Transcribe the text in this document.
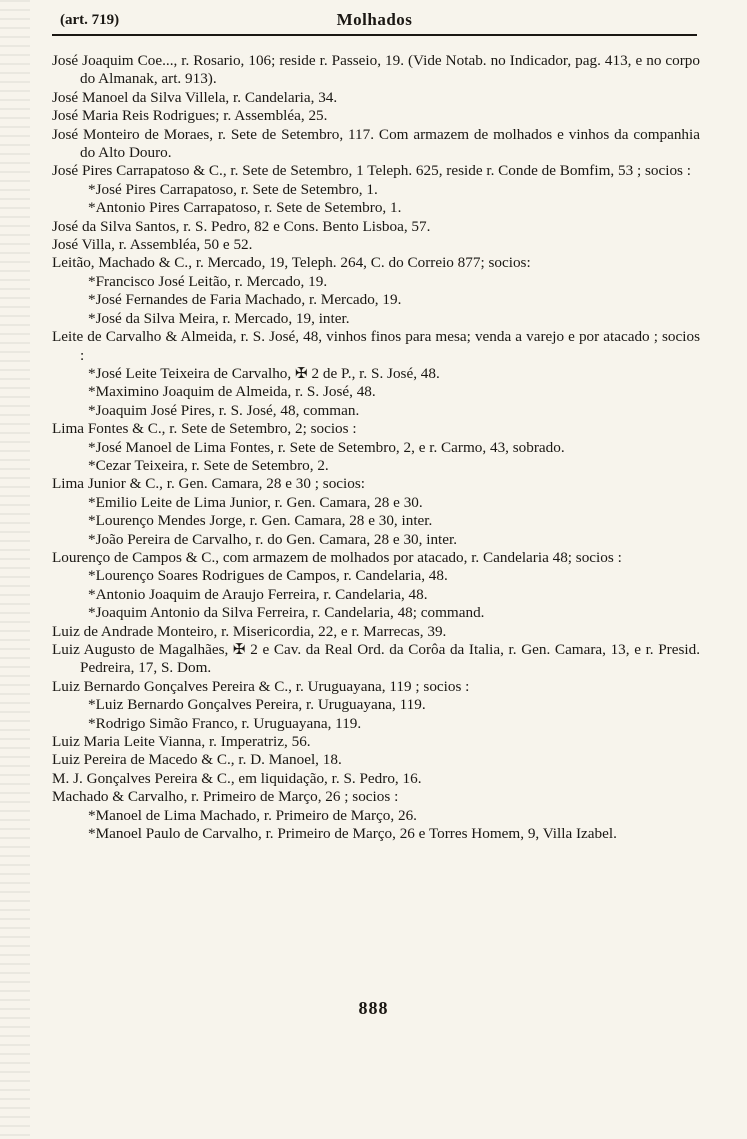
(art. 719)	Molhados
José Joaquim Coe..., r. Rosario, 106; reside r. Passeio, 19. (Vide Notab. no Indicador, pag. 413, e no corpo do Almanak, art. 913).
José Manoel da Silva Villela, r. Candelaria, 34.
José Maria Reis Rodrigues; r. Assembléa, 25.
José Monteiro de Moraes, r. Sete de Setembro, 117. Com armazem de molhados e vinhos da companhia do Alto Douro.
José Pires Carrapatoso & C., r. Sete de Setembro, 1 Teleph. 625, reside r. Conde de Bomfim, 53 ; socios :
*José Pires Carrapatoso, r. Sete de Setembro, 1.
*Antonio Pires Carrapatoso, r. Sete de Setembro, 1.
José da Silva Santos, r. S. Pedro, 82 e Cons. Bento Lisboa, 57.
José Villa, r. Assembléa, 50 e 52.
Leitão, Machado & C., r. Mercado, 19, Teleph. 264, C. do Correio 877; socios:
*Francisco José Leitão, r. Mercado, 19.
*José Fernandes de Faria Machado, r. Mercado, 19.
*José da Silva Meira, r. Mercado, 19, inter.
Leite de Carvalho & Almeida, r. S. José, 48, vinhos finos para mesa; venda a varejo e por atacado ; socios :
*José Leite Teixeira de Carvalho, ✠ 2 de P., r. S. José, 48.
*Maximino Joaquim de Almeida, r. S. José, 48.
*Joaquim José Pires, r. S. José, 48, comman.
Lima Fontes & C., r. Sete de Setembro, 2; socios :
*José Manoel de Lima Fontes, r. Sete de Setembro, 2, e r. Carmo, 43, sobrado.
*Cezar Teixeira, r. Sete de Setembro, 2.
Lima Junior & C., r. Gen. Camara, 28 e 30 ; socios:
*Emilio Leite de Lima Junior, r. Gen. Camara, 28 e 30.
*Lourenço Mendes Jorge, r. Gen. Camara, 28 e 30, inter.
*João Pereira de Carvalho, r. do Gen. Camara, 28 e 30, inter.
Lourenço de Campos & C., com armazem de molhados por atacado, r. Candelaria 48; socios :
*Lourenço Soares Rodrigues de Campos, r. Candelaria, 48.
*Antonio Joaquim de Araujo Ferreira, r. Candelaria, 48.
*Joaquim Antonio da Silva Ferreira, r. Candelaria, 48; command.
Luiz de Andrade Monteiro, r. Misericordia, 22, e r. Marrecas, 39.
Luiz Augusto de Magalhães, ✠ 2 e Cav. da Real Ord. da Corôa da Italia, r. Gen. Camara, 13, e r. Presid. Pedreira, 17, S. Dom.
Luiz Bernardo Gonçalves Pereira & C., r. Uruguayana, 119 ; socios :
*Luiz Bernardo Gonçalves Pereira, r. Uruguayana, 119.
*Rodrigo Simão Franco, r. Uruguayana, 119.
Luiz Maria Leite Vianna, r. Imperatriz, 56.
Luiz Pereira de Macedo & C., r. D. Manoel, 18.
M. J. Gonçalves Pereira & C., em liquidação, r. S. Pedro, 16.
Machado & Carvalho, r. Primeiro de Março, 26 ; socios :
*Manoel de Lima Machado, r. Primeiro de Março, 26.
*Manoel Paulo de Carvalho, r. Primeiro de Março, 26 e Torres Homem, 9, Villa Izabel.
888
